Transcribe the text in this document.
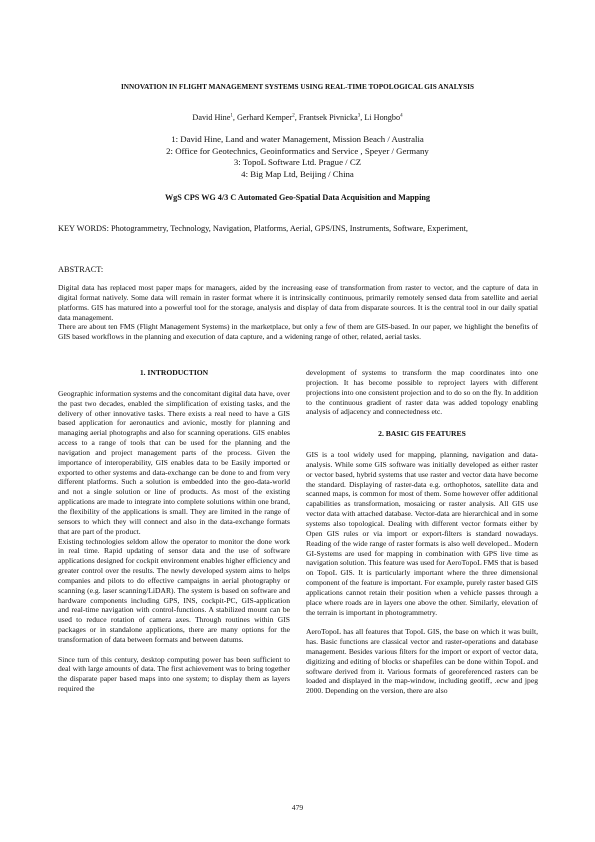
INNOVATION IN FLIGHT MANAGEMENT SYSTEMS USING REAL-TIME TOPOLOGICAL GIS ANALYSIS
David Hine$^1$, Gerhard Kemper$^2$, Frantsek Pivnicka$^3$, Li Hongbo$^4$
1: David Hine, Land and water Management, Mission Beach / Australia
2: Office for Geotechnics, Geoinformatics and Service , Speyer / Germany
3: TopoL Software Ltd. Prague / CZ
4: Big Map Ltd, Beijing / China
WgS CPS WG 4/3 C Automated Geo-Spatial Data Acquisition and Mapping
KEY WORDS: Photogrammetry, Technology, Navigation, Platforms, Aerial, GPS/INS, Instruments, Software, Experiment,
ABSTRACT:

Digital data has replaced most paper maps for managers, aided by the increasing ease of transformation from raster to vector, and the capture of data in digital format natively. Some data will remain in raster format where it is intrinsically continuous, primarily remotely sensed data from satellite and aerial platforms. GIS has matured into a powerful tool for the storage, analysis and display of data from disparate sources. It is the central tool in our daily spatial data management.

There are about ten FMS (Flight Management Systems) in the marketplace, but only a few of them are GIS-based. In our paper, we highlight the benefits of GIS based workflows in the planning and execution of data capture, and a widening range of other, related, aerial tasks.

1. INTRODUCTION

Geographic information systems and the concomitant digital data have, over the past two decades, enabled the simplification of existing tasks, and the delivery of other innovative tasks. There exists a real need to have a GIS based application for aeronautics and avionic, mostly for planning and managing aerial photographs and also for scanning operations. GIS enables access to a range of tools that can be used for the planning and the navigation and project management parts of the process. Given the importance of interoperability, GIS enables data to be Easily imported or exported to other systems and data-exchange can be done to and from very different platforms. Such a solution is embedded into the geo-data-world and not a single solution or line of products. As most of the existing applications are made to integrate into complete solutions within one brand, the flexibility of the applications is small. They are limited in the range of sensors to which they will connect and also in the data-exchange formats that are part of the product.

Existing technologies seldom allow the operator to monitor the done work in real time. Rapid updating of sensor data and the use of software applications designed for cockpit environment enables higher efficiency and greater control over the results. The newly developed system aims to helps companies and pilots to do effective campaigns in aerial photography or scanning (e.g. laser scanning/LiDAR). The system is based on software and hardware components including GPS, INS, cockpit-PC, GIS-application and real-time navigation with control-functions. A stabilized mount can be used to reduce rotation of camera axes. Through routines within GIS packages or in standalone applications, there are many options for the transformation of data between formats and between datums.

Since turn of this century, desktop computing power has been sufficient to deal with large amounts of data. The first achievement was to bring together the disparate paper based maps into one system; to display them as layers required the

development of systems to transform the map coordinates into one projection. It has become possible to reproject layers with different projections into one consistent projection and to do so on the fly. In addition to the continuous gradient of raster data was added topology enabling analysis of adjacency and connectedness etc.

2. BASIC GIS FEATURES

GIS is a tool widely used for mapping, planning, navigation and data-analysis. While some GIS software was initially developed as either raster or vector based, hybrid systems that use raster and vector data have become the standard. Displaying of raster-data e.g. orthophotos, satellite data and scanned maps, is common for most of them. Some however offer additional capabilities as transformation, mosaicing or raster analysis. All GIS use vector data with attached database. Vector-data are hierarchical and in some systems also topological. Dealing with different vector formats either by Open GIS rules or via import or export-filters is standard nowadays. Reading of the wide range of raster formats is also well developed.. Modern GI-Systems are used for mapping in combination with GPS live time as navigation solution. This feature was used for AeroTopoL FMS that is based on TopoL GIS. It is particularly important where the three dimensional component of the feature is important. For example, purely raster based GIS applications cannot retain their position when a vehicle passes through a place where roads are in layers one above the other. Similarly, elevation of the terrain is important in photogrammetry.

AeroTopoL has all features that TopoL GIS, the base on which it was built, has. Basic functions are classical vector and raster-operations and database management. Besides various filters for the import or export of vector data, digitizing and editing of blocks or shapefiles can be done within TopoL and software derived from it. Various formats of georeferenced rasters can be loaded and displayed in the map-window, including geotiff, .ecw and jpeg 2000. Depending on the version, there are also

479
